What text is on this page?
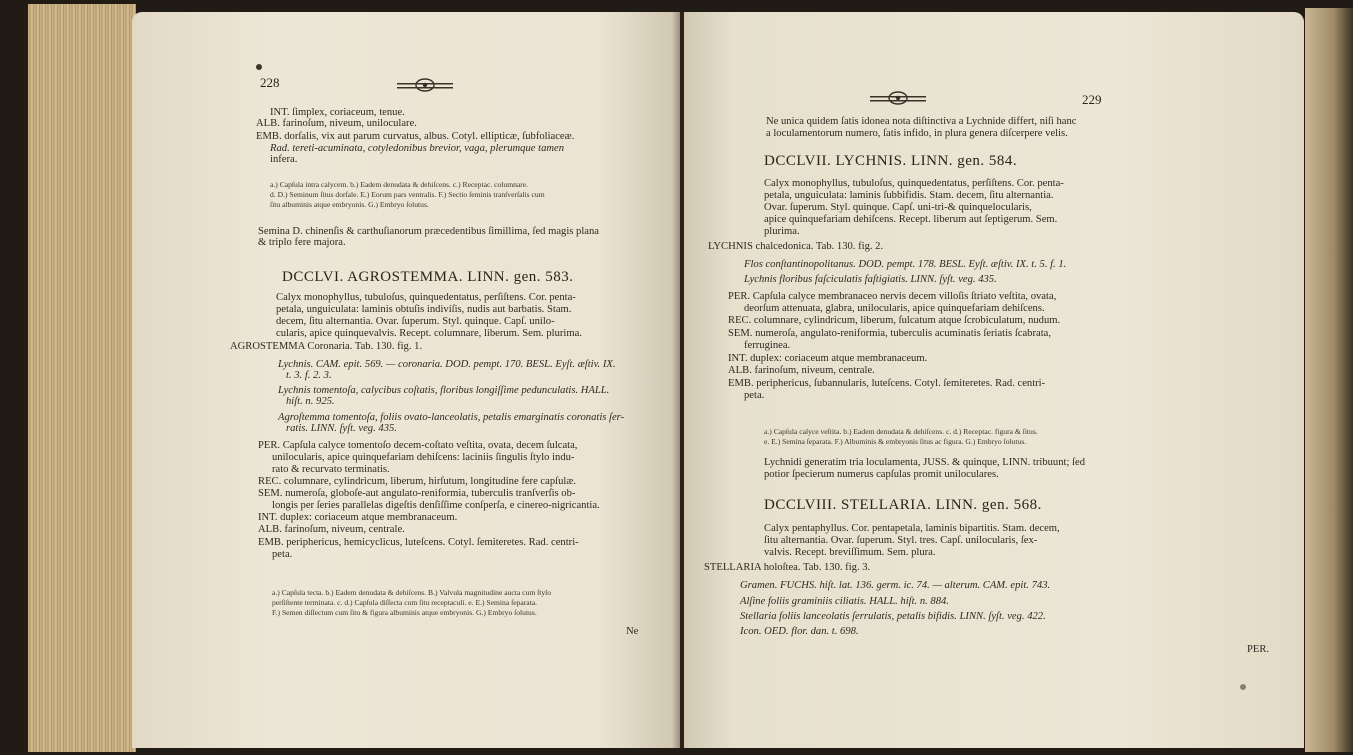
228
INT. ſimplex, coriaceum, tenue.
ALB. farinoſum, niveum, uniloculare.
EMB. dorſalis, vix aut parum curvatus, albus. Cotyl. ellipticæ, ſubfoliaceæ.
Rad. tereti-acuminata, cotyledonibus brevior, vaga, plerumque tamen
infera.
a.) Capſula intra calycem. b.) Eadem denudata & dehiſcens. c.) Receptac. columnare.
d. D.) Seminum ſitus dorſale. E.) Eorum pars ventralis. F.) Sectio ſeminis tranſverſalis cum
ſitu albuminis atque embryonis. G.) Embryo ſolutus.
Semina D. chinenſis & carthuſianorum præcedentibus ſimillima, ſed magis plana
& triplo fere majora.
DCCLVI. AGROSTEMMA. LINN. gen. 583.
Calyx monophyllus, tubuloſus, quinquedentatus, perſiſtens. Cor. penta-
petala, unguiculata: laminis obtuſis indiviſis, nudis aut barbatis. Stam.
decem, ſitu alternantia. Ovar. ſuperum. Styl. quinque. Capſ. unilo-
cularis, apice quinquevalvis. Recept. columnare, liberum. Sem. plurima.
AGROSTEMMA Coronaria. Tab. 130. fig. 1.
Lychnis. CAM. epit. 569. — coronaria. DOD. pempt. 170. BESL. Eyſt. æſtiv. IX.
t. 3. f. 2. 3.
Lychnis tomentoſa, calycibus coſtatis, floribus longiſſime pedunculatis. HALL.
hiſt. n. 925.
Agroſtemma tomentoſa, foliis ovato-lanceolatis, petalis emarginatis coronatis ſer-
ratis. LINN. ſyſt. veg. 435.
PER. Capſula calyce tomentoſo decem-coſtato veſtita, ovata, decem ſulcata,
unilocularis, apice quinquefariam dehiſcens: laciniis ſingulis ſtylo indu-
rato & recurvato terminatis.
REC. columnare, cylindricum, liberum, hirſutum, longitudine fere capſulæ.
SEM. numeroſa, globoſe-aut angulato-reniformia, tuberculis tranſverſis ob-
longis per ſeries parallelas digeſtis denſiſſime conſperſa, e cinereo-nigricantia.
INT. duplex: coriaceum atque membranaceum.
ALB. farinoſum, niveum, centrale.
EMB. periphericus, hemicyclicus, luteſcens. Cotyl. ſemiteretes. Rad. centri-
peta.
a.) Capſula tecta. b.) Eadem denudata & dehiſcens. B.) Valvula magnitudine aucta cum ſtylo
perſiſtente terminata. c. d.) Capſula diſſecta cum ſitu receptaculi. e. E.) Semina ſeparata.
F.) Semen diſſectum cum ſitu & figura albuminis atque embryonis. G.) Embryo ſolutus.
Ne
229
Ne unica quidem ſatis idonea nota diſtinctiva a Lychnide differt, niſi hanc
a loculamentorum numero, ſatis infido, in plura genera diſcerpere velis.
DCCLVII. LYCHNIS. LINN. gen. 584.
Calyx monophyllus, tubuloſus, quinquedentatus, perſiſtens. Cor. penta-
petala, unguiculata: laminis ſubbifidis. Stam. decem, ſitu alternantia.
Ovar. ſuperum. Styl. quinque. Capſ. uni-tri-& quinquelocularis,
apice quinquefariam dehiſcens. Recept. liberum aut ſeptigerum. Sem.
plurima.
LYCHNIS chalcedonica. Tab. 130. fig. 2.
Flos conſtantinopolitanus. DOD. pempt. 178. BESL. Eyſt. æſtiv. IX. t. 5. f. 1.
Lychnis floribus faſciculatis faſtigiatis. LINN. ſyſt. veg. 435.
PER. Capſula calyce membranaceo nervis decem villoſis ſtriato veſtita, ovata,
deorſum attenuata, glabra, unilocularis, apice quinquefariam dehiſcens.
REC. columnare, cylindricum, liberum, ſulcatum atque ſcrobiculatum, nudum.
SEM. numeroſa, angulato-reniformia, tuberculis acuminatis ſeriatis ſcabrata,
ferruginea.
INT. duplex: coriaceum atque membranaceum.
ALB. farinoſum, niveum, centrale.
EMB. periphericus, ſubannularis, luteſcens. Cotyl. ſemiteretes. Rad. centri-
peta.
a.) Capſula calyce veſtita. b.) Eadem denudata & dehiſcens. c. d.) Receptac. figura & ſitus.
e. E.) Semina ſeparata. F.) Albuminis & embryonis ſitus ac figura. G.) Embryo ſolutus.
Lychnidi generatim tria loculamenta, JUSS. & quinque, LINN. tribuunt; ſed
potior ſpecierum numerus capſulas promit uniloculares.
DCCLVIII. STELLARIA. LINN. gen. 568.
Calyx pentaphyllus. Cor. pentapetala, laminis bipartitis. Stam. decem,
ſitu alternantia. Ovar. ſuperum. Styl. tres. Capſ. unilocularis, ſex-
valvis. Recept. breviſſimum. Sem. plura.
STELLARIA holoſtea. Tab. 130. fig. 3.
Gramen. FUCHS. hiſt. lat. 136. germ. ic. 74. — alterum. CAM. epit. 743.
Alſine foliis graminiis ciliatis. HALL. hiſt. n. 884.
Stellaria foliis lanceolatis ſerrulatis, petalis bifidis. LINN. ſyſt. veg. 422.
Icon. OED. flor. dan. t. 698.
PER.
